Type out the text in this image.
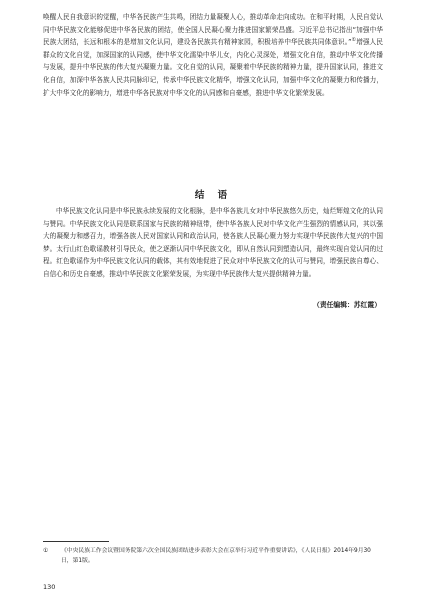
唤醒人民自我意识的觉醒，中华各民族产生共鸣，团结力量凝聚人心，推动革命走向成功。在和平时期，人民自觉认同中华民族文化能够促进中华各民族的团结，使全国人民凝心聚力推进国家繁荣昌盛。习近平总书记指出“加强中华民族大团结，长远和根本的是增加文化认同，建设各民族共有精神家园，积极培养中华民族共同体意识。”①增强人民群众的文化自觉，加深国家的认同感，使中华文化濡染中华儿女，内化心灵深处，增强文化自信，推动中华文化传播与发展，提升中华民族的伟大复兴凝聚力量。文化自觉的认同，凝聚着中华民族的精神力量，提升国家认同，推进文化自信，加深中华各族人民共同脉印记，传承中华民族文化精华，增强文化认同，加强中华文化的凝聚力和传播力，扩大中华文化的影响力，增进中华各民族对中华文化的认同感和自豪感，推进中华文化繁荣发展。
结 语
中华民族文化认同是中华民族永续发展的文化根脉，是中华各族儿女对中华民族悠久历史，灿烂辉煌文化的认同与赞同。中华民族文化认同是联系国家与民族的精神纽带，使中华各族人民对中华文化产生强烈的情感认同，其以强大的凝聚力和感召力，增强各族人民对国家认同和政治认同，使各族人民凝心聚力努力实现中华民族伟大复兴的中国梦。太行山红色歌谣教材引导民众，使之逐渐认同中华民族文化，即从自然认同到塑造认同，最终实现自觉认同的过程。红色歌谣作为中华民族文化认同的载体，其有效地促进了民众对中华民族文化的认可与赞同，增强民族自尊心、自信心和历史自豪感，推动中华民族文化繁荣发展，为实现中华民族伟大复兴提供精神力量。
（责任编辑：苏红霞）
① 《中央民族工作会议暨国务院第六次全国民族团结进步表彰大会在京举行习近平作重要讲话》，《人民日报》2014年9月30日，第1版。
130
